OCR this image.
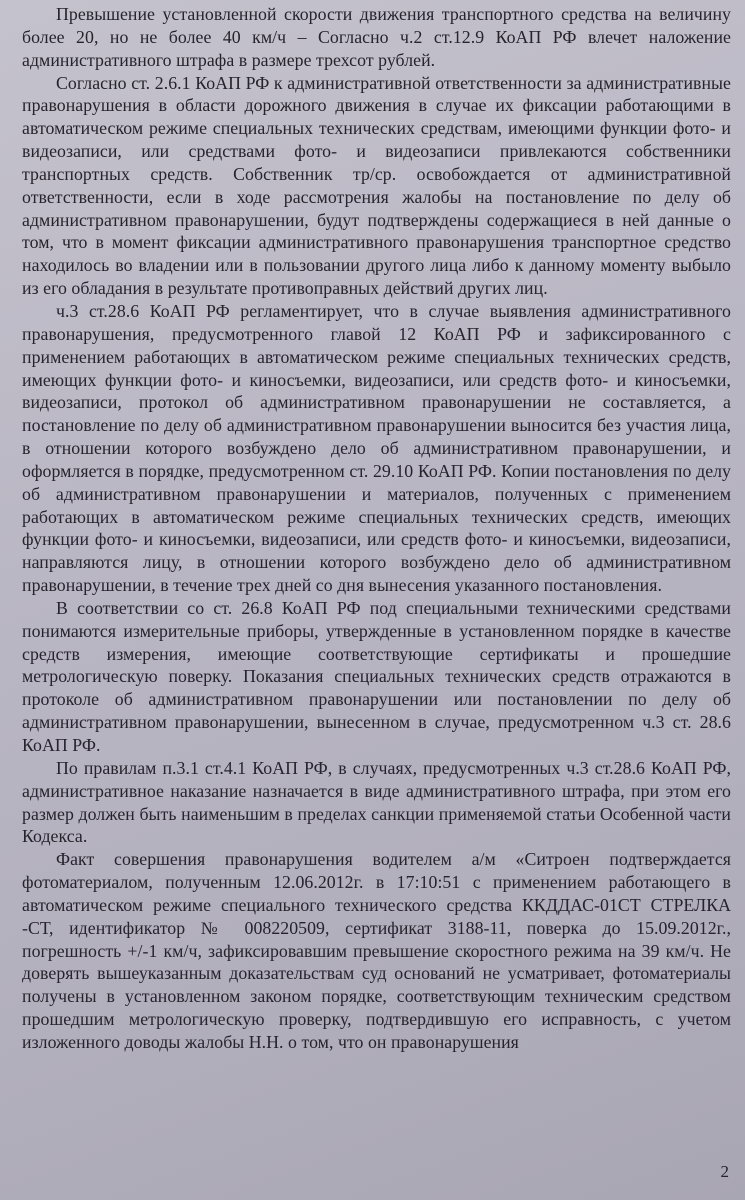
Превышение установленной скорости движения транспортного средства на величину более 20, но не более 40 км/ч – Согласно ч.2 ст.12.9 КоАП РФ влечет наложение административного штрафа в размере трехсот рублей.

Согласно ст. 2.6.1 КоАП РФ к административной ответственности за административные правонарушения в области дорожного движения в случае их фиксации работающими в автоматическом режиме специальных технических средствам, имеющими функции фото- и видеозаписи, или средствами фото- и видеозаписи привлекаются собственники транспортных средств. Собственник тр/ср. освобождается от административной ответственности, если в ходе рассмотрения жалобы на постановление по делу об административном правонарушении, будут подтверждены содержащиеся в ней данные о том, что в момент фиксации административного правонарушения транспортное средство находилось во владении или в пользовании другого лица либо к данному моменту выбыло из его обладания в результате противоправных действий других лиц.

ч.3 ст.28.6 КоАП РФ регламентирует, что в случае выявления административного правонарушения, предусмотренного главой 12 КоАП РФ и зафиксированного с применением работающих в автоматическом режиме специальных технических средств, имеющих функции фото- и киносъемки, видеозаписи, или средств фото- и киносъемки, видеозаписи, протокол об административном правонарушении не составляется, а постановление по делу об административном правонарушении выносится без участия лица, в отношении которого возбуждено дело об административном правонарушении, и оформляется в порядке, предусмотренном ст. 29.10 КоАП РФ. Копии постановления по делу об административном правонарушении и материалов, полученных с применением работающих в автоматическом режиме специальных технических средств, имеющих функции фото- и киносъемки, видеозаписи, или средств фото- и киносъемки, видеозаписи, направляются лицу, в отношении которого возбуждено дело об административном правонарушении, в течение трех дней со дня вынесения указанного постановления.

В соответствии со ст. 26.8 КоАП РФ под специальными техническими средствами понимаются измерительные приборы, утвержденные в установленном порядке в качестве средств измерения, имеющие соответствующие сертификаты и прошедшие метрологическую поверку. Показания специальных технических средств отражаются в протоколе об административном правонарушении или постановлении по делу об административном правонарушении, вынесенном в случае, предусмотренном ч.3 ст. 28.6 КоАП РФ.

По правилам п.3.1 ст.4.1 КоАП РФ, в случаях, предусмотренных ч.3 ст.28.6 КоАП РФ, административное наказание назначается в виде административного штрафа, при этом его размер должен быть наименьшим в пределах санкции применяемой статьи Особенной части Кодекса.

Факт совершения правонарушения водителем а/м «Ситроен подтверждается фотоматериалом, полученным 12.06.2012г. в 17:10:51 с применением работающего в автоматическом режиме специального технического средства ККДДАС-01СТ СТРЕЛКА -СТ, идентификатор № 008220509, сертификат 3188-11, поверка до 15.09.2012г., погрешность +/-1 км/ч, зафиксировавшим превышение скоростного режима на 39 км/ч. Не доверять вышеуказанным доказательствам суд оснований не усматривает, фотоматериалы получены в установленном законом порядке, соответствующим техническим средством прошедшим метрологическую проверку, подтвердившую его исправность, с учетом изложенного доводы жалобы Н.Н. о том, что он правонарушения

2
